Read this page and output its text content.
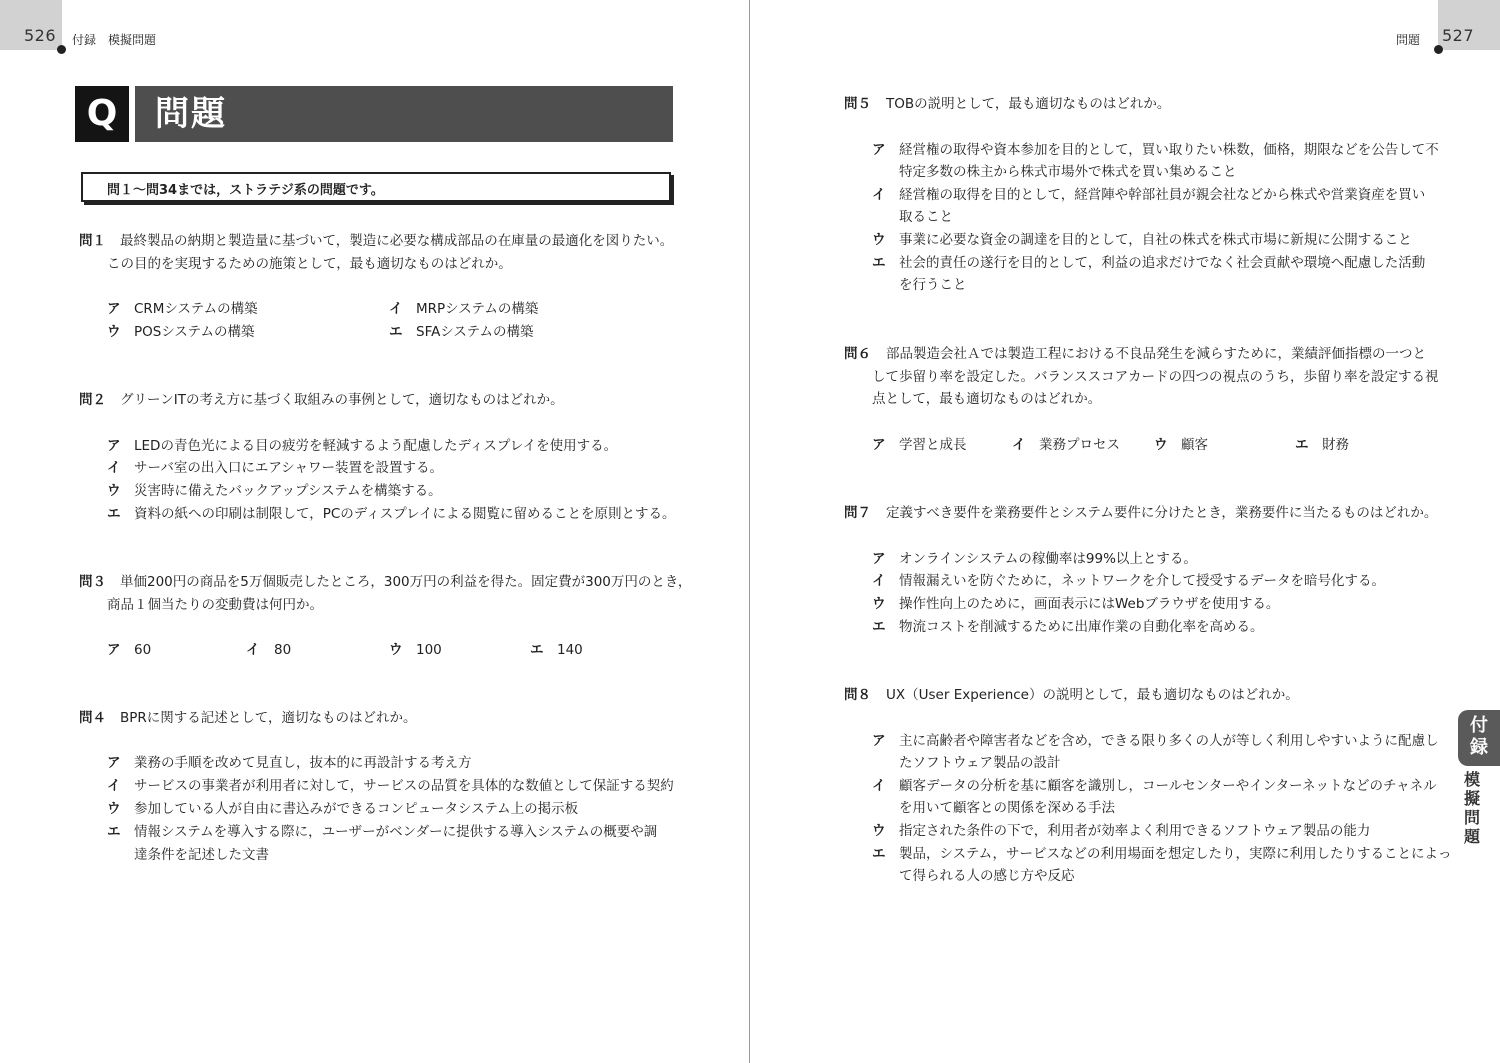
526 付録　模擬問題
Q	問題
問１〜問34までは，ストラテジ系の問題です。
問１ 最終製品の納期と製造量に基づいて，製造に必要な構成部品の在庫量の最適化を図りたい。
この目的を実現するための施策として，最も適切なものはどれか。
ア CRMシステムの構築	イ MRPシステムの構築
ウ POSシステムの構築	エ SFAシステムの構築
問２ グリーンITの考え方に基づく取組みの事例として，適切なものはどれか。
ア LEDの青色光による目の疲労を軽減するよう配慮したディスプレイを使用する。
イ サーバ室の出入口にエアシャワー装置を設置する。
ウ 災害時に備えたバックアップシステムを構築する。
エ 資料の紙への印刷は制限して，PCのディスプレイによる閲覧に留めることを原則とする。
問３ 単価200円の商品を5万個販売したところ，300万円の利益を得た。固定費が300万円のとき，
商品１個当たりの変動費は何円か。
ア 60	イ 80	ウ 100	エ 140
問４ BPRに関する記述として，適切なものはどれか。
ア 業務の手順を改めて見直し，抜本的に再設計する考え方
イ サービスの事業者が利用者に対して，サービスの品質を具体的な数値として保証する契約
ウ 参加している人が自由に書込みができるコンピュータシステム上の掲示板
エ 情報システムを導入する際に，ユーザーがベンダーに提供する導入システムの概要や調
達条件を記述した文書
527
問題
問５ TOBの説明として，最も適切なものはどれか。
ア 経営権の取得や資本参加を目的として，買い取りたい株数，価格，期限などを公告して不
特定多数の株主から株式市場外で株式を買い集めること
イ 経営権の取得を目的として，経営陣や幹部社員が親会社などから株式や営業資産を買い
取ること
ウ 事業に必要な資金の調達を目的として，自社の株式を株式市場に新規に公開すること
エ 社会的責任の遂行を目的として，利益の追求だけでなく社会貢献や環境へ配慮した活動
を行うこと
問６ 部品製造会社Ａでは製造工程における不良品発生を減らすために，業績評価指標の一つと
して歩留り率を設定した。バランススコアカードの四つの視点のうち，歩留り率を設定する視
点として，最も適切なものはどれか。
ア 学習と成長	イ 業務プロセス	ウ 顧客	エ 財務
問７ 定義すべき要件を業務要件とシステム要件に分けたとき，業務要件に当たるものはどれか。
ア オンラインシステムの稼働率は99%以上とする。
イ 情報漏えいを防ぐために，ネットワークを介して授受するデータを暗号化する。
ウ 操作性向上のために，画面表示にはWebブラウザを使用する。
エ 物流コストを削減するために出庫作業の自動化率を高める。
問８ UX（User Experience）の説明として，最も適切なものはどれか。
ア 主に高齢者や障害者などを含め，できる限り多くの人が等しく利用しやすいように配慮し
たソフトウェア製品の設計
イ 顧客データの分析を基に顧客を識別し，コールセンターやインターネットなどのチャネル
を用いて顧客との関係を深める手法
ウ 指定された条件の下で，利用者が効率よく利用できるソフトウェア製品の能力
エ 製品，システム，サービスなどの利用場面を想定したり，実際に利用したりすることによっ
て得られる人の感じ方や反応
付
録
模
擬
問
題
